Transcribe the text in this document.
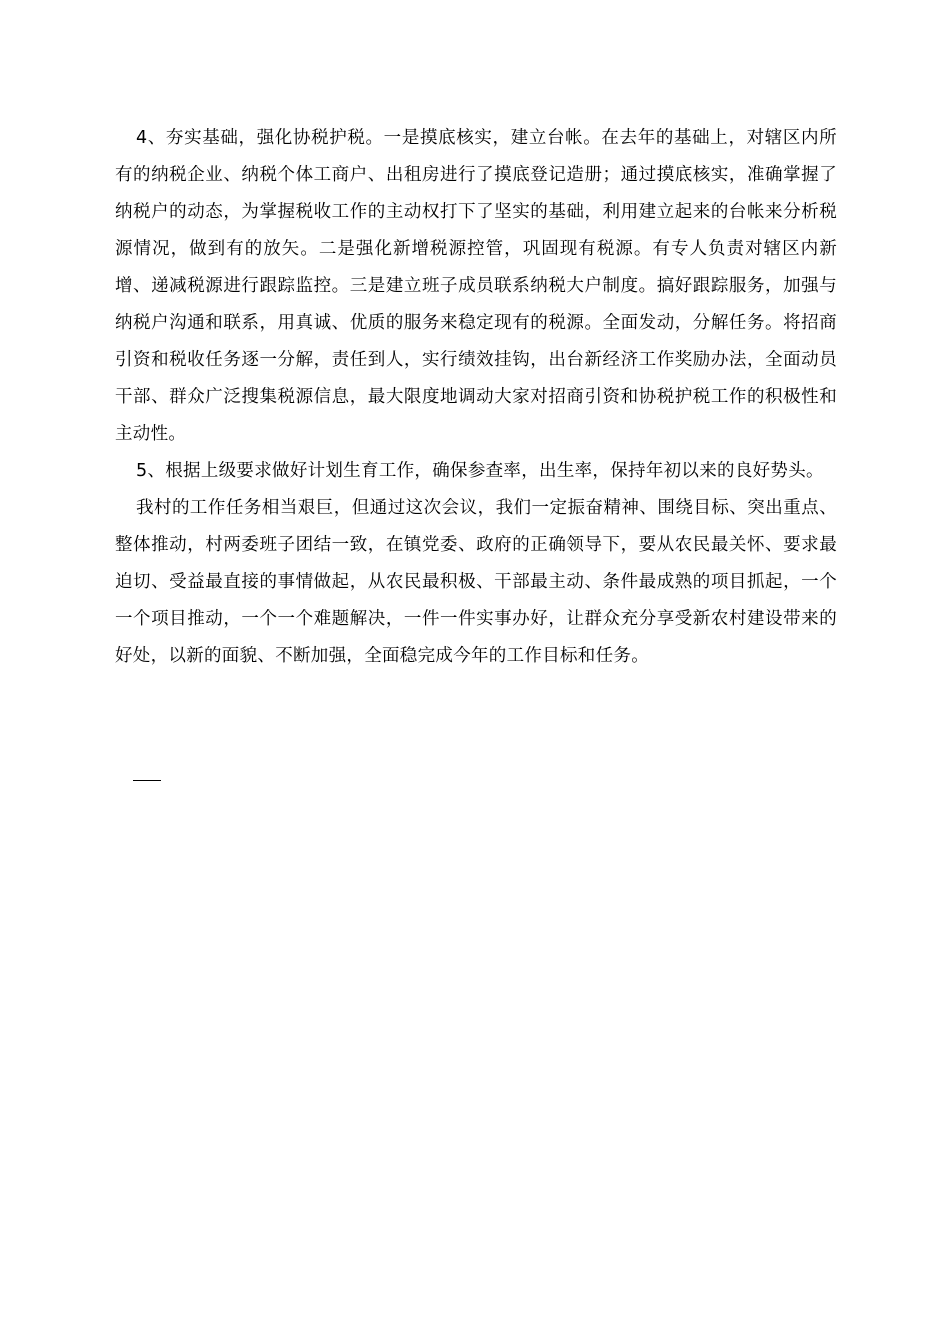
4、夯实基础，强化协税护税。一是摸底核实，建立台帐。在去年的基础上，对辖区内所有的纳税企业、纳税个体工商户、出租房进行了摸底登记造册；通过摸底核实，准确掌握了纳税户的动态，为掌握税收工作的主动权打下了坚实的基础，利用建立起来的台帐来分析税源情况，做到有的放矢。二是强化新增税源控管，巩固现有税源。有专人负责对辖区内新增、递减税源进行跟踪监控。三是建立班子成员联系纳税大户制度。搞好跟踪服务，加强与纳税户沟通和联系，用真诚、优质的服务来稳定现有的税源。全面发动，分解任务。将招商引资和税收任务逐一分解，责任到人，实行绩效挂钩，出台新经济工作奖励办法，全面动员干部、群众广泛搜集税源信息，最大限度地调动大家对招商引资和协税护税工作的积极性和主动性。

5、根据上级要求做好计划生育工作，确保参查率，出生率，保持年初以来的良好势头。

我村的工作任务相当艰巨，但通过这次会议，我们一定振奋精神、围绕目标、突出重点、整体推动，村两委班子团结一致，在镇党委、政府的正确领导下，要从农民最关怀、要求最迫切、受益最直接的事情做起，从农民最积极、干部最主动、条件最成熟的项目抓起，一个一个项目推动，一个一个难题解决，一件一件实事办好，让群众充分享受新农村建设带来的好处，以新的面貌、不断加强，全面稳完成今年的工作目标和任务。
